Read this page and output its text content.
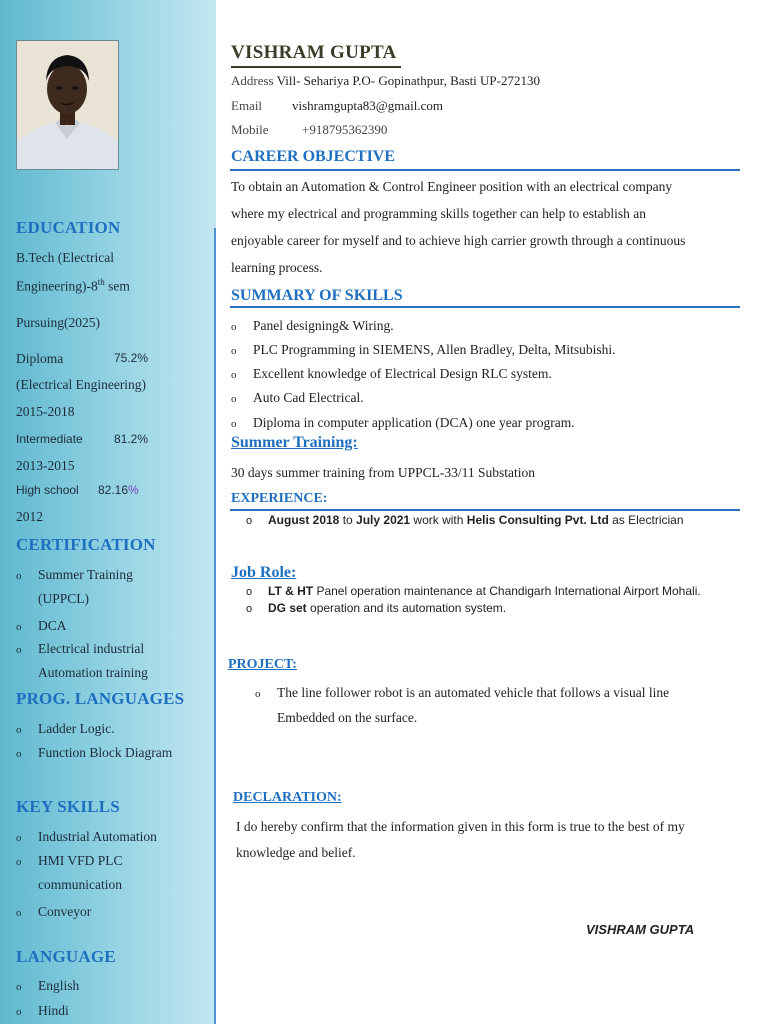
EDUCATION
B.Tech (Electrical
Engineering)-8th sem
Pursuing(2025)
Diploma	75.2%
(Electrical Engineering)
2015-2018
Intermediate	81.2%
2013-2015
High school 82.16%
2012
CERTIFICATION
o Summer Training
(UPPCL)
o DCA
o Electrical industrial
Automation training
PROG. LANGUAGES
o Ladder Logic.
o Function Block Diagram
KEY SKILLS
o Industrial Automation
o HMI VFD PLC
communication
o Conveyor
LANGUAGE
o English
o Hindi
VISHRAM GUPTA
Address Vill- Sehariya P.O- Gopinathpur, Basti UP-272130
Email vishramgupta83@gmail.com
Mobile	+918795362390
CAREER OBJECTIVE
To obtain an Automation & Control Engineer position with an electrical company
where my electrical and programming skills together can help to establish an
enjoyable career for myself and to achieve high carrier growth through a continuous
learning process.
SUMMARY OF SKILLS
o Panel designing& Wiring.
o PLC Programming in SIEMENS, Allen Bradley, Delta, Mitsubishi.
o Excellent knowledge of Electrical Design RLC system.
o Auto Cad Electrical.
o Diploma in computer application (DCA) one year program.
Summer Training:
30 days summer training from UPPCL-33/11 Substation
EXPERIENCE:
o August 2018 to July 2021 work with Helis Consulting Pvt. Ltd as Electrician
Job Role:
o LT & HT Panel operation maintenance at Chandigarh International Airport Mohali.
o DG set operation and its automation system.
PROJECT:
o The line follower robot is an automated vehicle that follows a visual line
Embedded on the surface.
DECLARATION:
I do hereby confirm that the information given in this form is true to the best of my
knowledge and belief.
VISHRAM GUPTA
